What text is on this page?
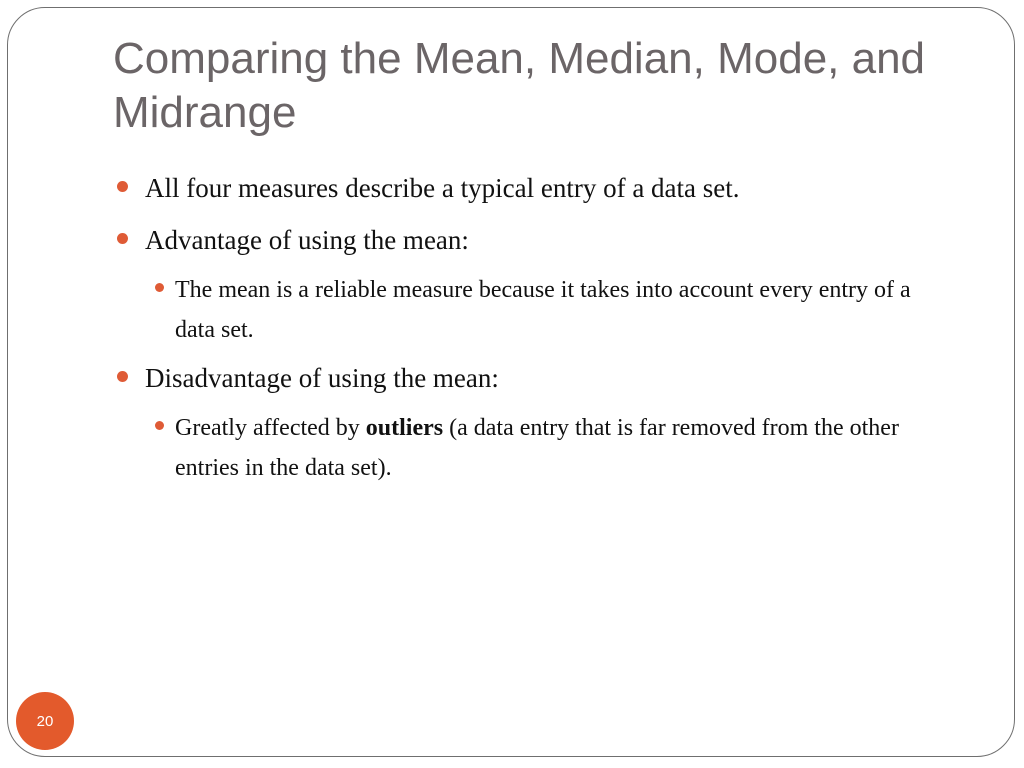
Comparing the Mean, Median, Mode, and Midrange
All four measures describe a typical entry of a data set.
Advantage of using the mean:
The mean is a reliable measure because it takes into account every entry of a data set.
Disadvantage of using the mean:
Greatly affected by outliers (a data entry that is far removed from the other entries in the data set).
20
